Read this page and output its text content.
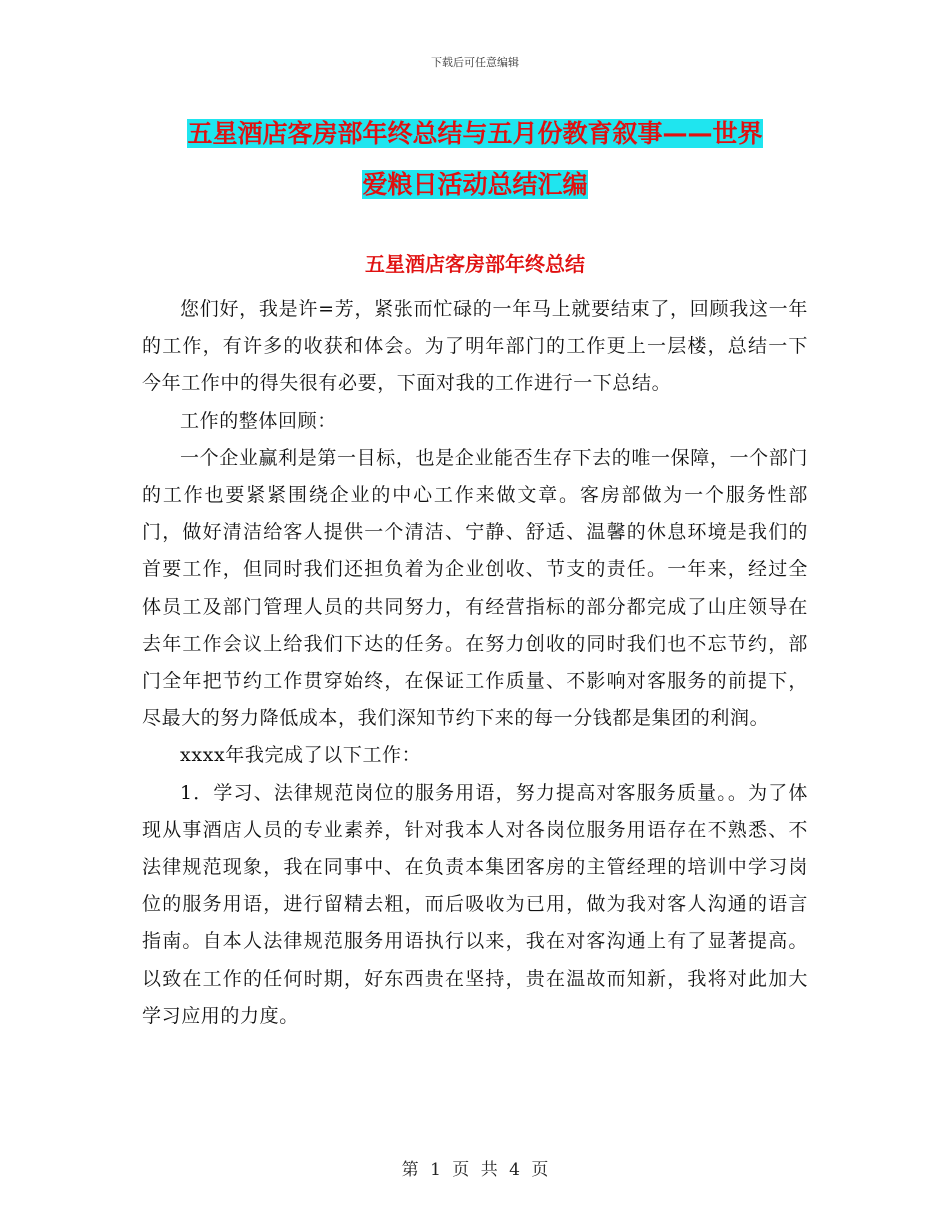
下载后可任意编辑
五星酒店客房部年终总结与五月份教育叙事——世界
爱粮日活动总结汇编
五星酒店客房部年终总结

您们好，我是许=芳，紧张而忙碌的一年马上就要结束了，回顾我这一年的工作，有许多的收获和体会。为了明年部门的工作更上一层楼，总结一下今年工作中的得失很有必要，下面对我的工作进行一下总结。

工作的整体回顾：

一个企业赢利是第一目标，也是企业能否生存下去的唯一保障，一个部门的工作也要紧紧围绕企业的中心工作来做文章。客房部做为一个服务性部门，做好清洁给客人提供一个清洁、宁静、舒适、温馨的休息环境是我们的首要工作，但同时我们还担负着为企业创收、节支的责任。一年来，经过全体员工及部门管理人员的共同努力，有经营指标的部分都完成了山庄领导在去年工作会议上给我们下达的任务。在努力创收的同时我们也不忘节约，部门全年把节约工作贯穿始终，在保证工作质量、不影响对客服务的前提下，尽最大的努力降低成本，我们深知节约下来的每一分钱都是集团的利润。

xxxx年我完成了以下工作：

1．学习、法律规范岗位的服务用语，努力提高对客服务质量。。为了体现从事酒店人员的专业素养，针对我本人对各岗位服务用语存在不熟悉、不法律规范现象，我在同事中、在负责本集团客房的主管经理的培训中学习岗位的服务用语，进行留精去粗，而后吸收为已用，做为我对客人沟通的语言指南。自本人法律规范服务用语执行以来，我在对客沟通上有了显著提高。以致在工作的任何时期，好东西贵在坚持，贵在温故而知新，我将对此加大学习应用的力度。

第 1 页 共 4 页
